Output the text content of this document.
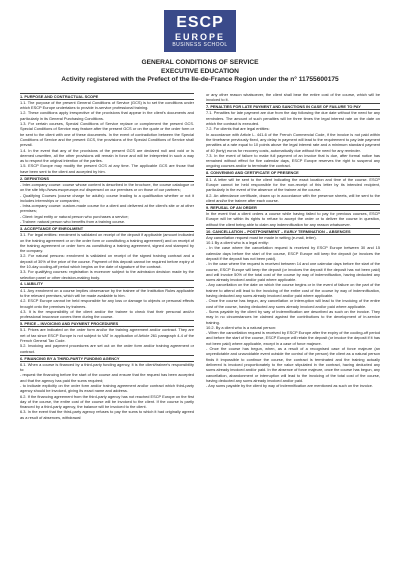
ESCP
EUROPE
BUSINESS SCHOOL
GENERAL CONDITIONS OF SERVICE
EXECUTIVE EDUCATION
Activity registered with the Prefect of the Ile-de-France Region under the n° 11755600175
1. PURPOSE AND CONTRACTUAL SCOPE
1.1. The purpose of the present General Conditions of Service (GCS) is to set the conditions under which ESCP Europe undertakes to provide in-service professional training.
1.2. These conditions apply irrespective of the provisions that appear in the client's documents and particularly in its General Purchasing Conditions.
1.3. For certain courses, Special Conditions of Service replace or complement the present GCS. Special Conditions of Service may feature after the present GCS or on the quote or the order form or be sent to the client with one of these documents. In the event of contradiction between the Special Conditions of Service and the present GCS, the provisions of the Special Conditions of Service shall prevail.
1.4. In the event that any of the provisions of the present GCS are declared null and void or is deemed unwritten, all the other provisions will remain in force and will be interpreted in such a way as to respect the original intention of the parties.
1.5. ESCP Europe may modify the present GCS at any time. The applicable GCS are those that have been sent to the client and accepted by him.
2. DEFINITIONS
- Inter-company course: course whose content is described in the brochure, the course catalogue or on the site http://www.escpeurope.eu/ dispensed on our premises or on those of our partners;
- Qualifying Courses (course charge for adults): course leading to a qualification whether or not it includes internships or companies;
- Intra-company course: custom-made course for a client and delivered at the client's site or at other premises;
- Client: legal entity or natural person who purchases a service;
- Trainee: natural person who benefits from a training course.
3. ACCEPTANCE OF ENROLMENT
3.1. For legal entities: enrolment is validated on receipt of the deposit if applicable (amount indicated on the training agreement or on the order form or constituting a training agreement) and on receipt of the training agreement or order form as constituting a training agreement, signed and stamped by the company.
3.2. For natural persons: enrolment is validated on receipt of the signed training contract and a deposit of 30% of the price of the course. Payment of this deposit cannot be required before expiry of the 10-day cooling-off period which begins on the date of signature of the contract.
3.3. For qualifying courses: registration is moreover subject to the admission decision made by the selection panel or other decision-making body.
4. LIABILITY
4.1. Any enrolment on a course implies observance by the trainee of the Institution Rules applicable to the relevant premises, which will be made available to him.
4.2. ESCP Europe cannot be held responsible for any loss or damage to objects or personal effects brought onto the premises by trainees.
4.3. It is the responsibility of the client and/or the trainee to check that their personal and/or professional insurance covers them during the course.
5. PRICE – INVOICING AND PAYMENT PROCEDURES
5.1. Prices are indicated on the order form and/or the training agreement and/or contract. They are net of tax since ESCP Europe is not subject to VAT in application of Article 261 paragraph 4-4 of the French General Tax Code.
5.2. Invoicing and payment procedures are set out on the order form and/or training agreement or contract.
6. FINANCING BY A THIRD-PARTY FUNDING AGENCY
6.1. When a course is financed by a third-party funding agency, it is the client/trainee's responsibility to:
- request the financing before the start of the course and ensure that the request has been accepted and that the agency has paid the sums required;
- to indicate explicitly on the order form and/or training agreement and/or contract which third-party agency should be invoiced, giving its exact name and address.
6.2. If the financing agreement from the third-party agency has not reached ESCP Europe on the first day of the course, the entire cost of the course will be invoiced to the client. If the course is partly financed by a third-party agency, the balance will be invoiced to the client.
6.3. In the event that the third-party agency refuses to pay the sums to which it had originally agreed as a result of absences, withdrawal
or any other reason whatsoever, the client shall bear the entire cost of the course, which will be invoiced to it.
7. PENALTIES FOR LATE PAYMENT AND SANCTIONS IN CASE OF FAILURE TO PAY
7.1. Penalties for late payment are due from the day following the due date without the need for any reminders. The amount of such penalties will be three times the legal interest rate on the date on which the contract is executed.
7.2. For clients that are legal entities:
In accordance with Article L. 441-6 of the French Commercial Code, if the invoice is not paid within the timeframe previously fixed, any delay in payment will lead to the requirement to pay late payment penalties at a rate equal to 10 points above the legal interest rate and a minimum standard payment of 40 (forty) euros for recovery costs, automatically due without the need for any reminder.
7.3. In the event of failure to make full payment of an invoice that is due, after formal notice has remained without effect for five calendar days, ESCP Europe reserves the right to suspend any ongoing courses and/or to terminate the contract.
8. CONVENING AND CERTIFICATE OF PRESENCE
8.1. A letter will be sent to the client indicating the exact location and time of the course. ESCP Europe cannot be held responsible for the non-receipt of this letter by its intended recipient, particularly in the event of the absence of the trainee at the course.
8.2. An attendance certificate, drawn up in accordance with the presence sheets, will be sent to the client and/or the trainee after each course.
9. REFUSAL OF AN ORDER
In the event that a client orders a course while having failed to pay for previous courses, ESCP Europe will be within its rights to refuse to accept the order or to deliver the course in question, without the client being able to claim any indemnification for any reason whatsoever.
10. CANCELLATION – POSTPONEMENT – EARLY TERMINATION – ABSENCES
Any cancellation request must be made in writing (e-mail, letter).
10.1 By a client who is a legal entity:
- In the case where the cancellation request is received by ESCP Europe between 30 and 15 calendar days before the start of the course, ESCP Europe will keep the deposit (or invoices the deposit if the deposit has not been paid).
- In the case where the request is received between 14 and one calendar days before the start of the course, ESCP Europe will keep the deposit (or invoices the deposit if the deposit has not been paid) and will invoice 50% of the total cost of the course by way of indemnification, having deducted any sums already invoiced and/or paid where applicable.
- Any cancellation on the date on which the course begins or in the event of failure on the part of the trainee to attend will lead to the invoicing of the entire cost of the course by way of indemnification, having deducted any sums already invoiced and/or paid where applicable.
- Once the course has begun, any cancellation or interruption will lead to the invoicing of the entire cost of the course, having deducted any sums already invoiced and/or paid where applicable.
- Sums payable by the client by way of indemnification are described as such on the invoice. They may in no circumstances be claimed against the contributions to the development of in-service training.
10.2. By a client who is a natural person:
- When the cancellation request is received by ESCP Europe after the expiry of the cooling-off period and before the start of the course, ESCP Europe will retain the deposit (or invoice the deposit if it has not been paid) where applicable, except in a case of force majeure.
- Once the course has begun, when, as a result of a recognised case of force majeure (an unpredictable and unavoidable event outside the control of the person) the client as a natural person finds it impossible to continue the course, the contract is terminated and the training actually delivered is invoiced proportionately to the value stipulated in the contract, having deducted any sums already invoiced and/or paid. In the absence of force majeure, once the course has begun, any cancellation, abandonment or interruption will lead to the invoicing of the total cost of the course, having deducted any sums already invoiced and/or paid.
- Any sums payable by the client by way of indemnification are mentioned as such on the invoice.
